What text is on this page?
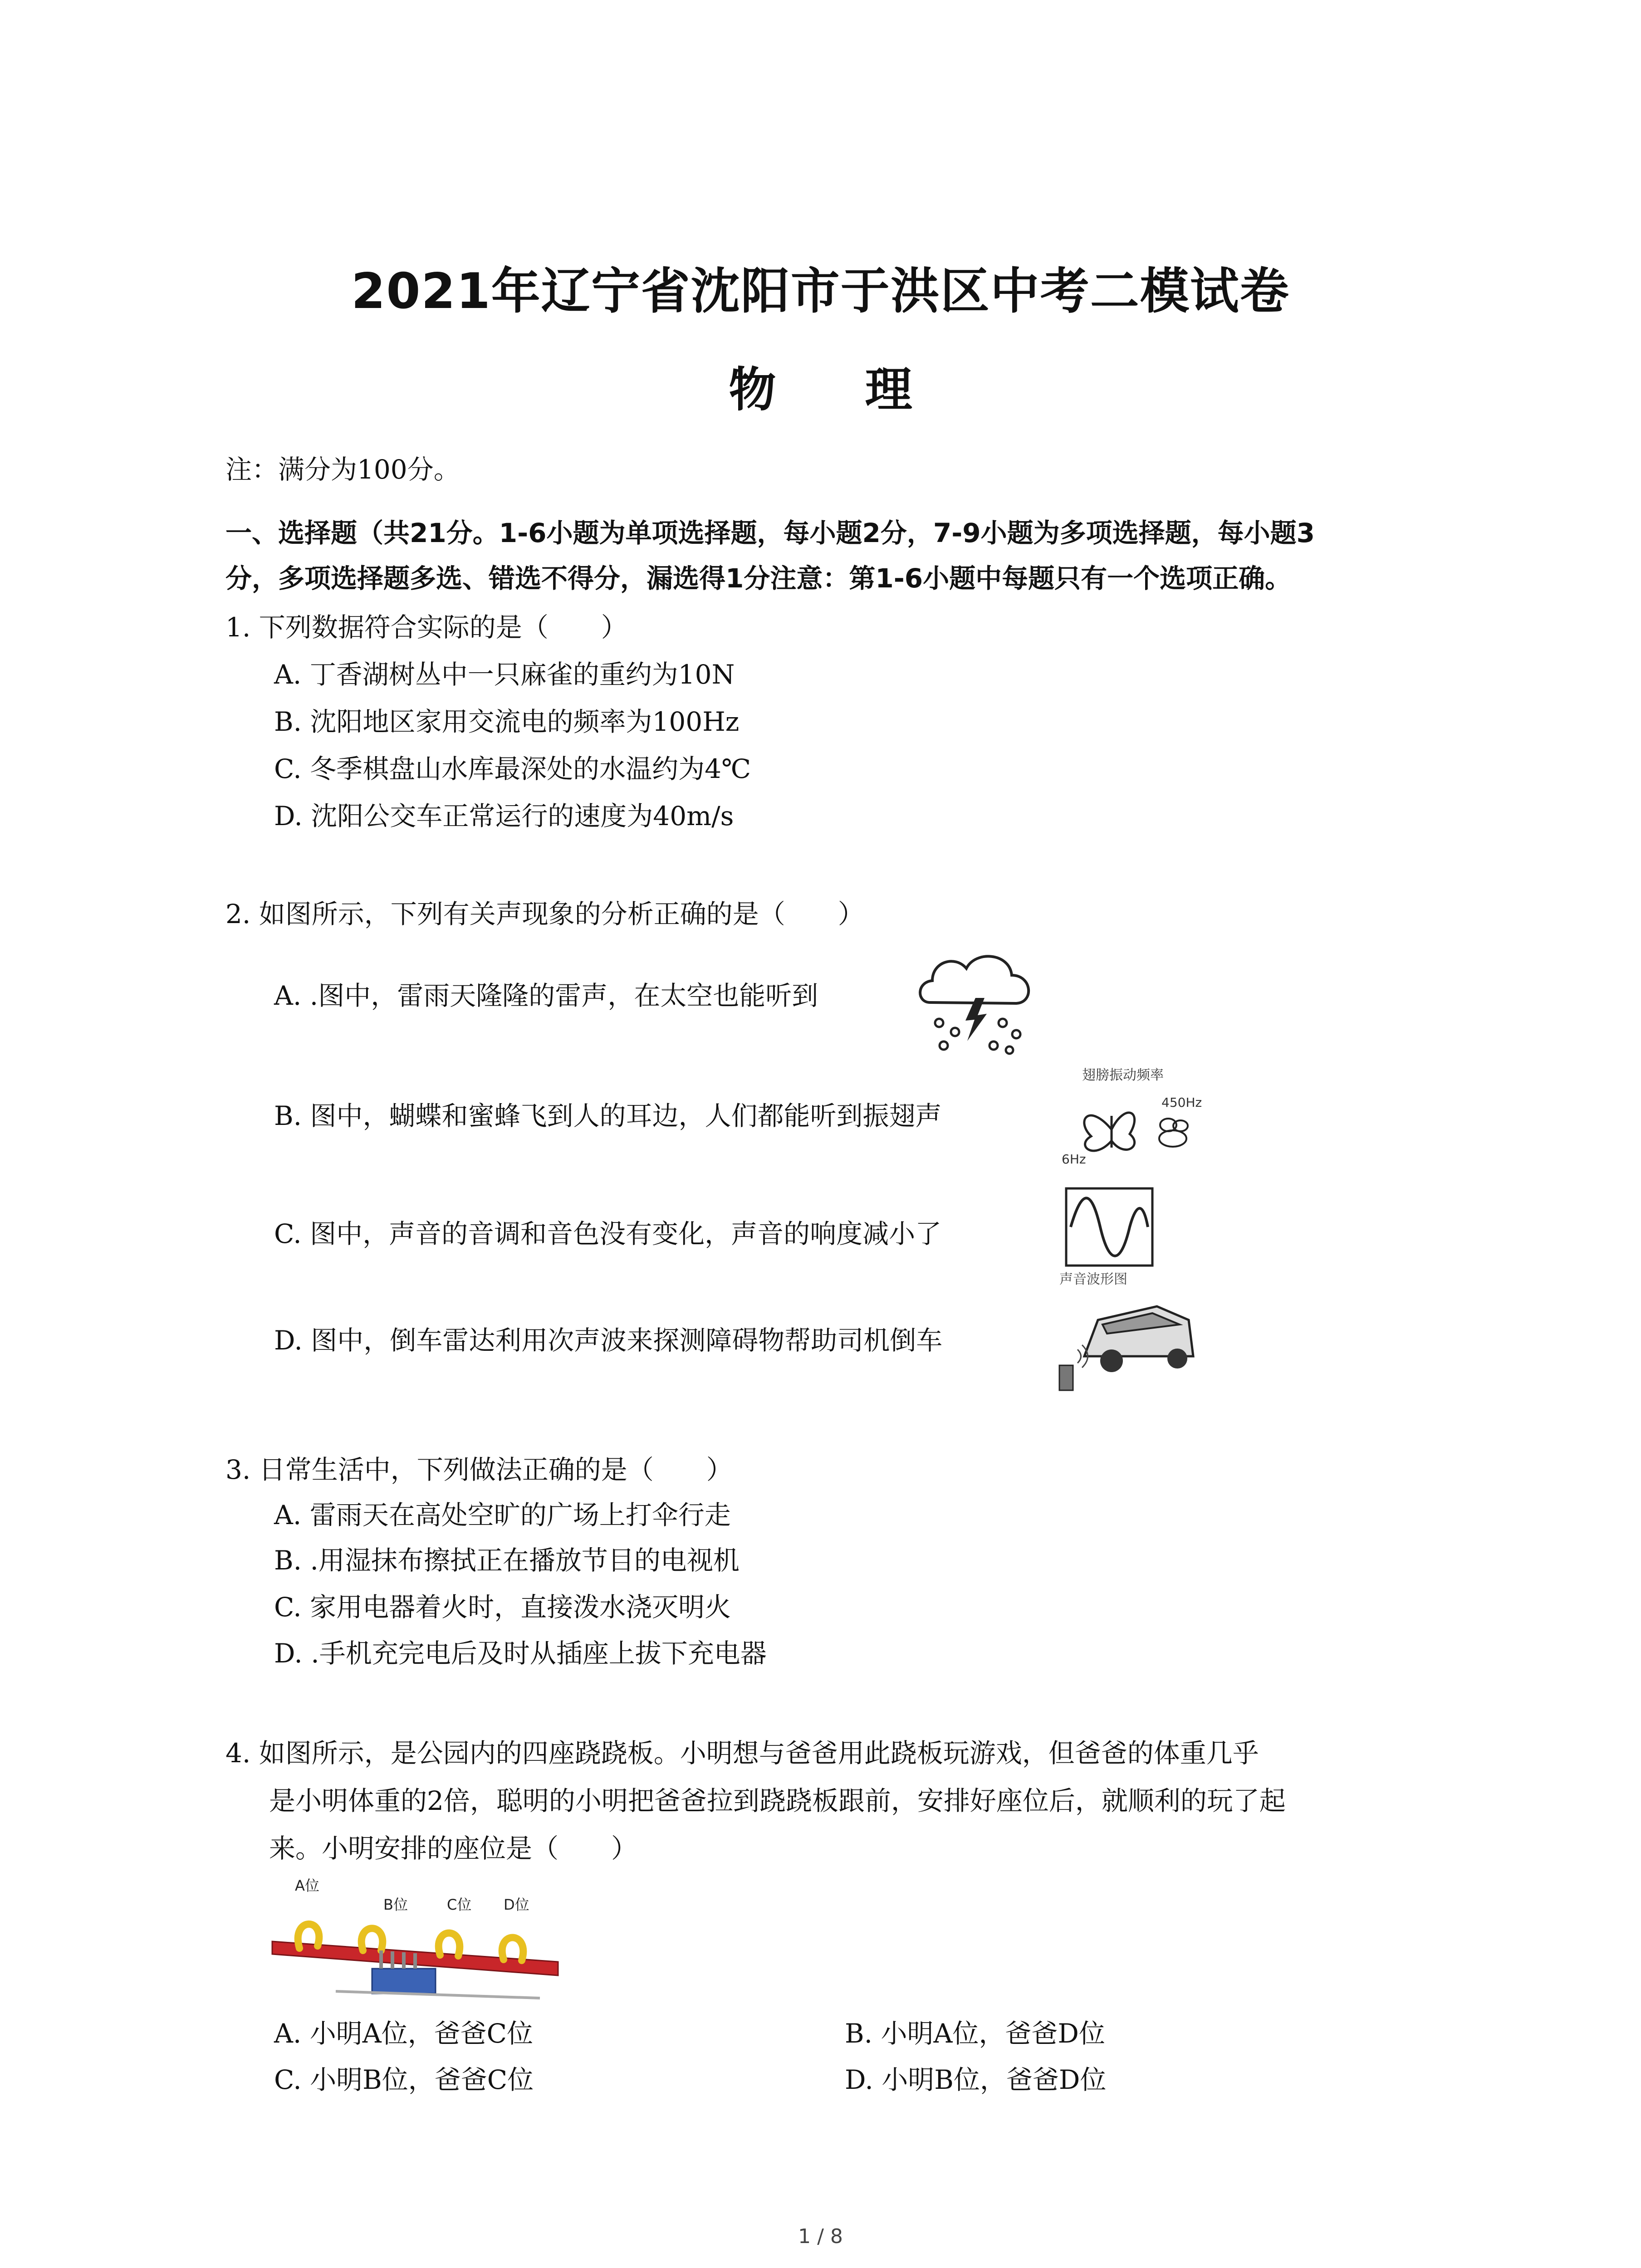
2021年辽宁省沈阳市于洪区中考二模试卷
物 理
注：满分为100分。
一、选择题（共21分。1-6小题为单项选择题，每小题2分，7-9小题为多项选择题，每小题3
分，多项选择题多选、错选不得分，漏选得1分注意：第1-6小题中每题只有一个选项正确。
1. 下列数据符合实际的是（　　）
A. 丁香湖树丛中一只麻雀的重约为10N
B. 沈阳地区家用交流电的频率为100Hz
C. 冬季棋盘山水库最深处的水温约为4℃
D. 沈阳公交车正常运行的速度为40m/s
2. 如图所示，下列有关声现象的分析正确的是（　　）
A. .图中，雷雨天隆隆的雷声，在太空也能听到
B. 图中，蝴蝶和蜜蜂飞到人的耳边，人们都能听到振翅声
翅膀振动频率
450Hz
6Hz
C. 图中，声音的音调和音色没有变化，声音的响度减小了
声音波形图
D. 图中，倒车雷达利用次声波来探测障碍物帮助司机倒车
3. 日常生活中，下列做法正确的是（　　）
A. 雷雨天在高处空旷的广场上打伞行走
B. .用湿抹布擦拭正在播放节目的电视机
C. 家用电器着火时，直接泼水浇灭明火
D. .手机充完电后及时从插座上拔下充电器
4. 如图所示，是公园内的四座跷跷板。小明想与爸爸用此跷板玩游戏，但爸爸的体重几乎
是小明体重的2倍，聪明的小明把爸爸拉到跷跷板跟前，安排好座位后，就顺利的玩了起
来。小明安排的座位是（　　）
A位
B位	C位 D位
A. 小明A位，爸爸C位	B. 小明A位，爸爸D位
C. 小明B位，爸爸C位	D. 小明B位，爸爸D位
1 / 8
